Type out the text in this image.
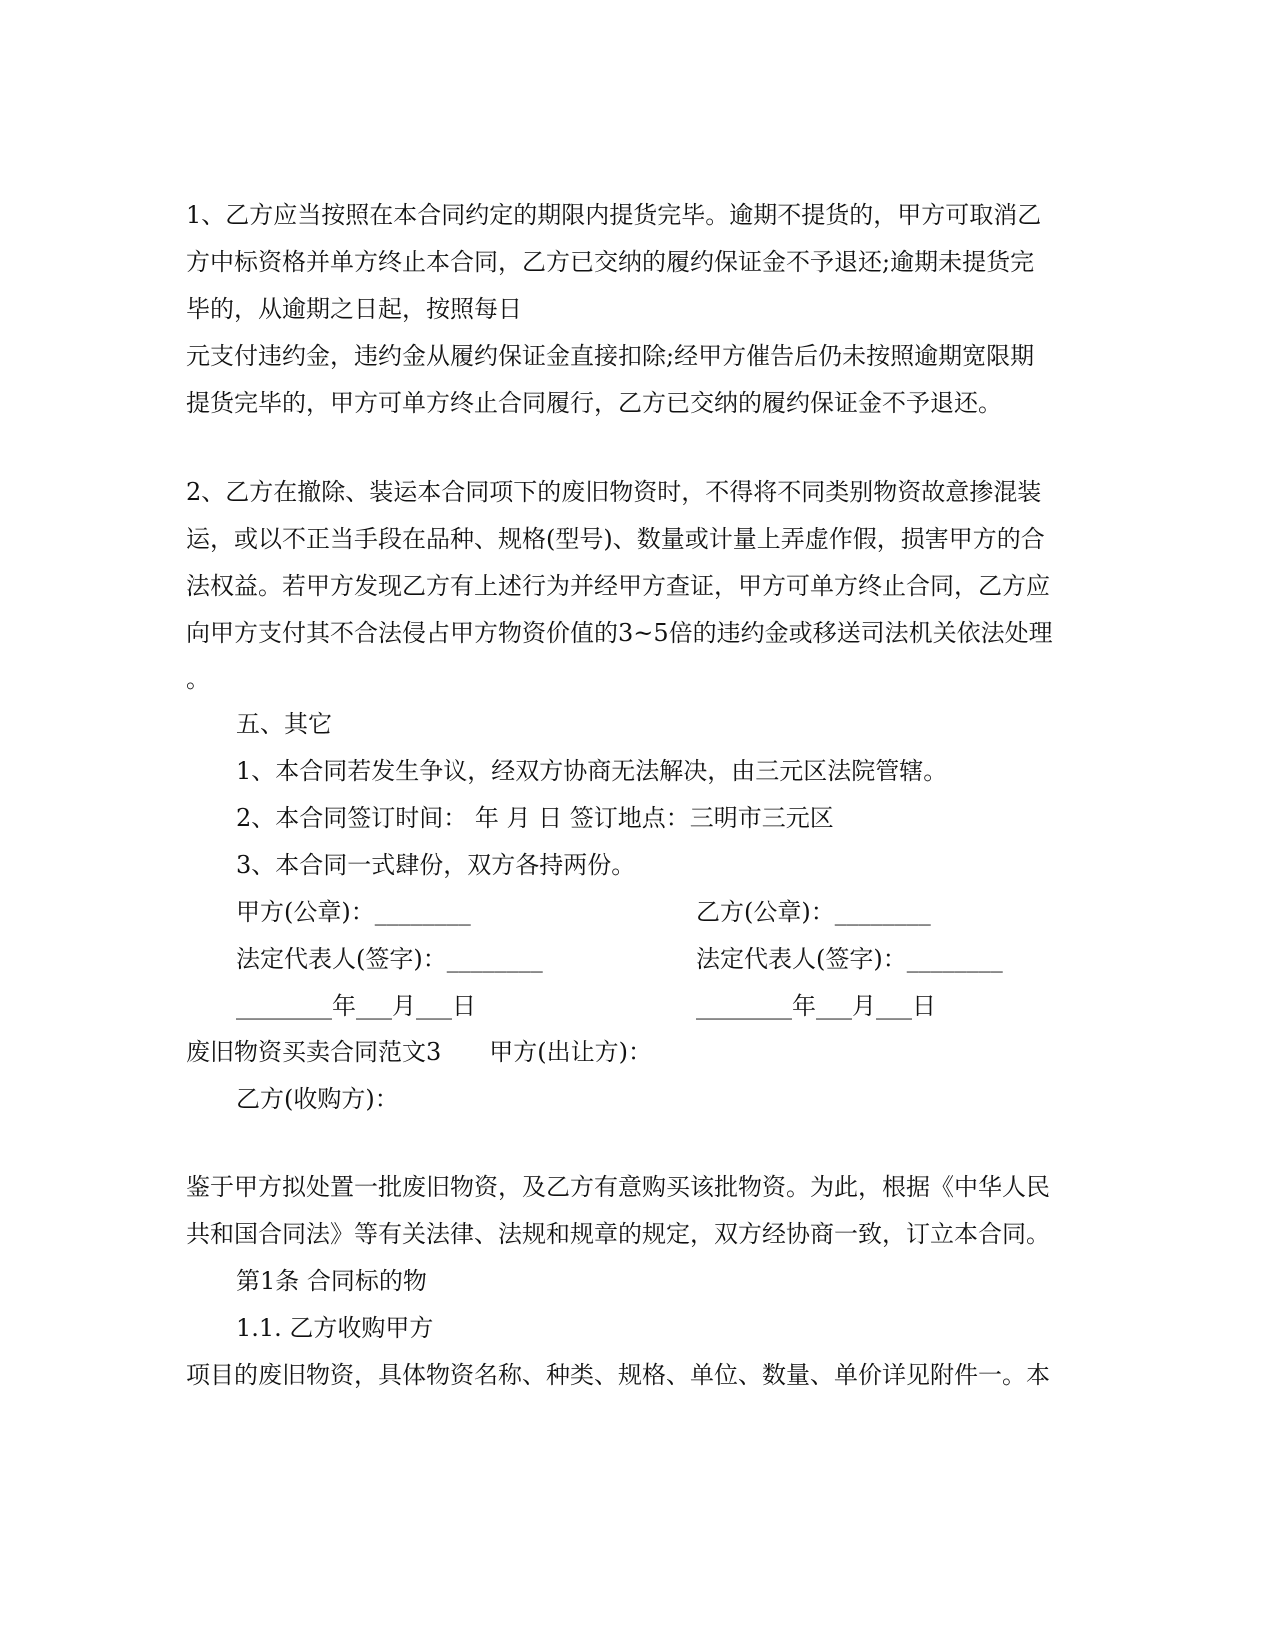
1、乙方应当按照在本合同约定的期限内提货完毕。逾期不提货的，甲方可取消乙
方中标资格并单方终止本合同，乙方已交纳的履约保证金不予退还;逾期未提货完
毕的，从逾期之日起，按照每日
元支付违约金，违约金从履约保证金直接扣除;经甲方催告后仍未按照逾期宽限期
提货完毕的，甲方可单方终止合同履行，乙方已交纳的履约保证金不予退还。
2、乙方在撤除、装运本合同项下的废旧物资时，不得将不同类别物资故意掺混装
运，或以不正当手段在品种、规格(型号)、数量或计量上弄虚作假，损害甲方的合
法权益。若甲方发现乙方有上述行为并经甲方查证，甲方可单方终止合同，乙方应
向甲方支付其不合法侵占甲方物资价值的3~5倍的违约金或移送司法机关依法处理
。
五、其它
1、本合同若发生争议，经双方协商无法解决，由三元区法院管辖。
2、本合同签订时间： 年 月 日 签订地点：三明市三元区
3、本合同一式肆份，双方各持两份。
甲方(公章)：________	乙方(公章)：________
法定代表人(签字)：________	法定代表人(签字)：________
________年___月___日	________年___月___日
废旧物资买卖合同范文3　　甲方(出让方)：
乙方(收购方)：
鉴于甲方拟处置一批废旧物资，及乙方有意购买该批物资。为此，根据《中华人民
共和国合同法》等有关法律、法规和规章的规定，双方经协商一致，订立本合同。
第1条 合同标的物
1.1. 乙方收购甲方
项目的废旧物资，具体物资名称、种类、规格、单位、数量、单价详见附件一。本
